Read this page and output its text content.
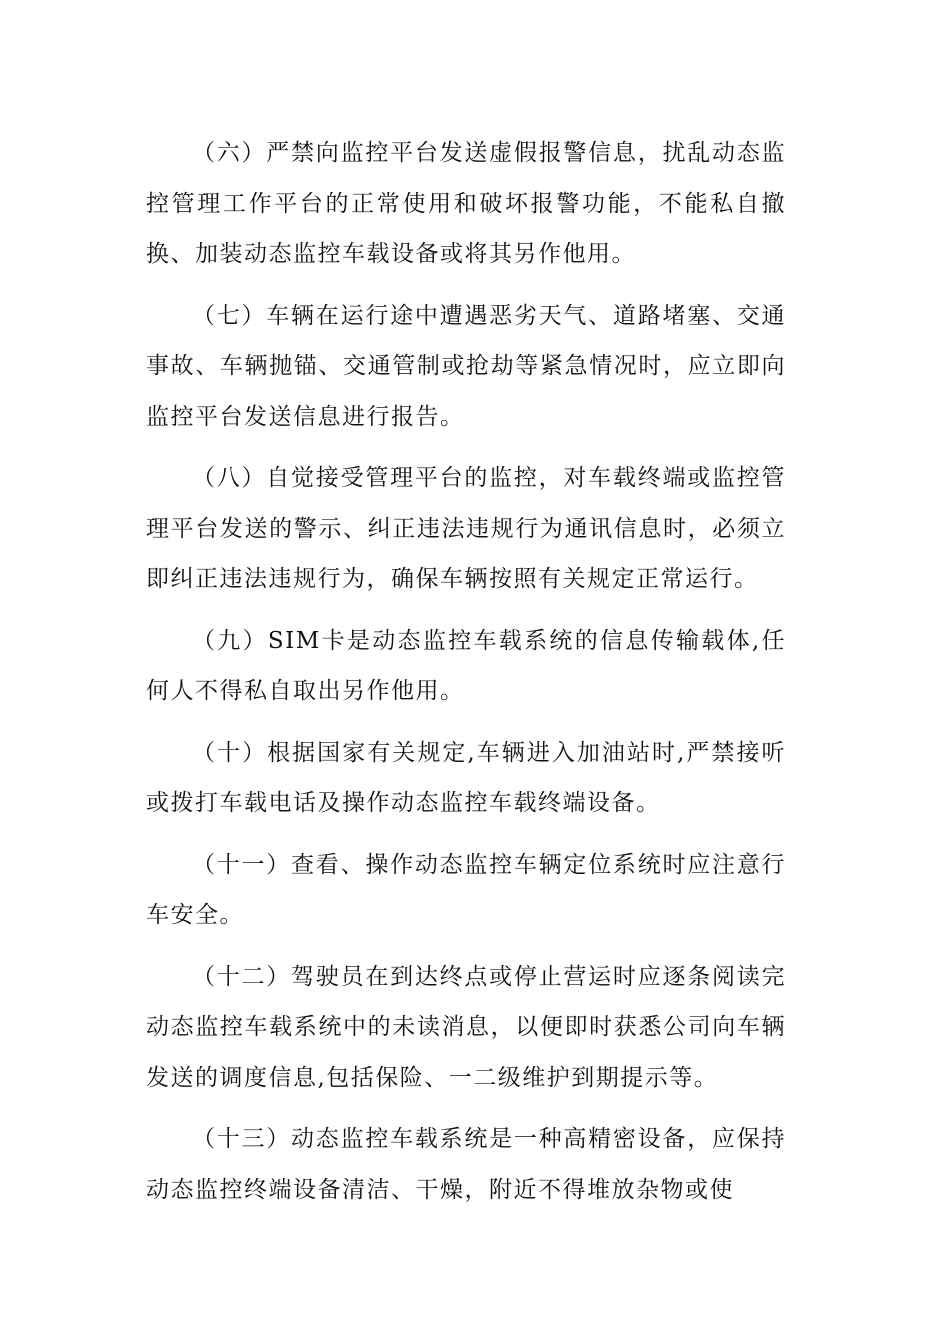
（六）严禁向监控平台发送虚假报警信息，扰乱动态监控管理工作平台的正常使用和破坏报警功能，不能私自撤换、加装动态监控车载设备或将其另作他用。

（七）车辆在运行途中遭遇恶劣天气、道路堵塞、交通事故、车辆抛锚、交通管制或抢劫等紧急情况时，应立即向监控平台发送信息进行报告。

（八）自觉接受管理平台的监控，对车载终端或监控管理平台发送的警示、纠正违法违规行为通讯信息时，必须立即纠正违法违规行为，确保车辆按照有关规定正常运行。

（九）SIM卡是动态监控车载系统的信息传输载体,任何人不得私自取出另作他用。

（十）根据国家有关规定,车辆进入加油站时,严禁接听或拨打车载电话及操作动态监控车载终端设备。

（十一）查看、操作动态监控车辆定位系统时应注意行车安全。

（十二）驾驶员在到达终点或停止营运时应逐条阅读完动态监控车载系统中的未读消息，以便即时获悉公司向车辆发送的调度信息,包括保险、一二级维护到期提示等。

（十三）动态监控车载系统是一种高精密设备，应保持动态监控终端设备清洁、干燥，附近不得堆放杂物或使
